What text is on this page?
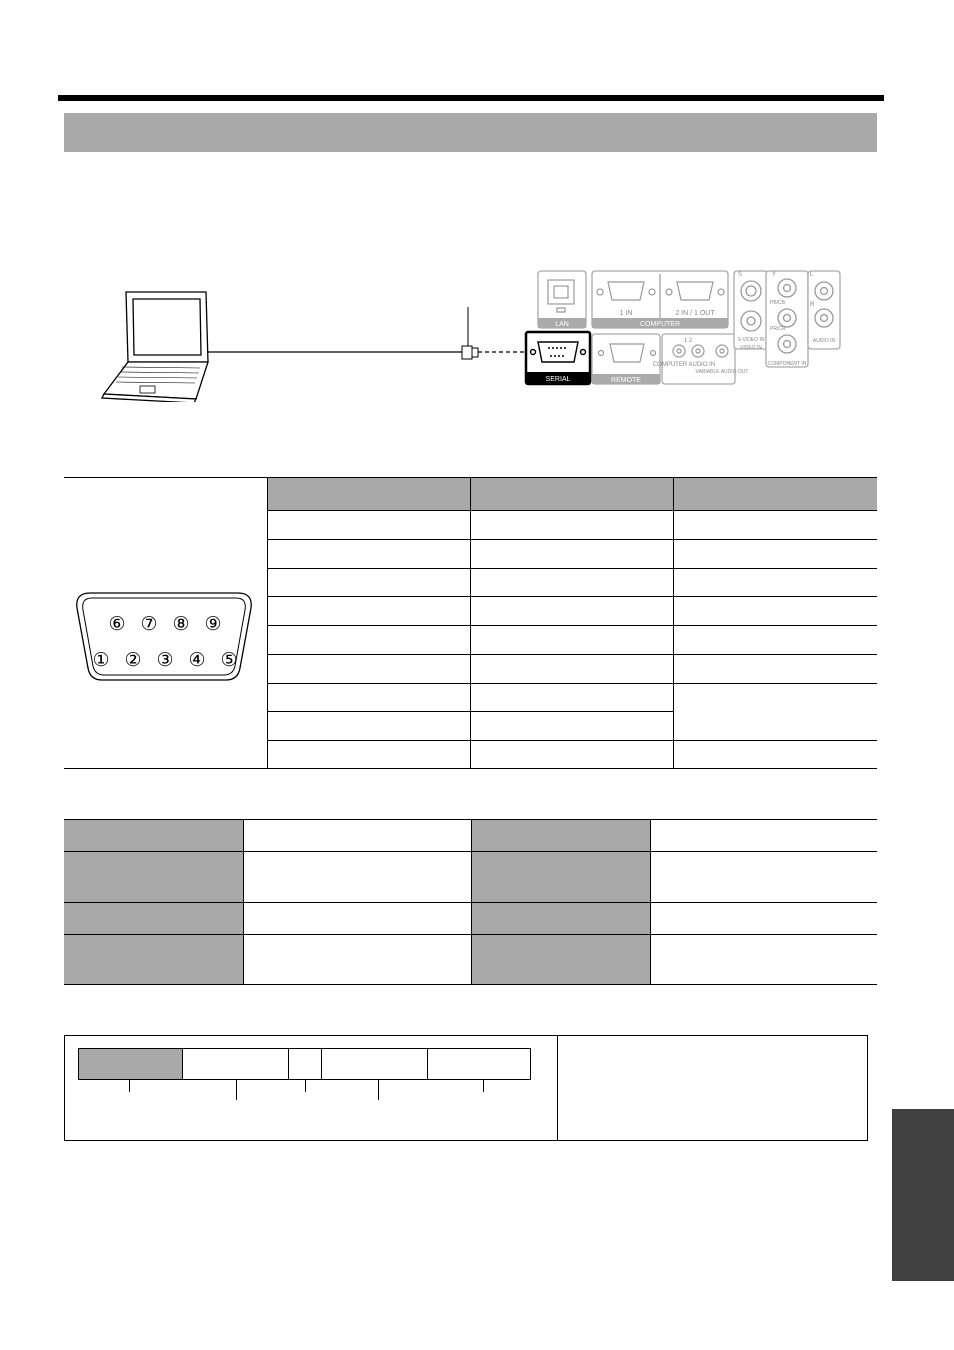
LAN
1 IN	2 IN / 1 OUT
COMPUTER
SERIAL	REMOTE
1 2
COMPUTER AUDIO IN
VARIABLE AUDIO OUT
S	Y
PB/CB
PR/CR
L
R
S-VIDEO IN
VIDEO IN
COMPONENT IN
AUDIO IN
⑥ ⑦ ⑧ ⑨
① ② ③ ④ ⑤
